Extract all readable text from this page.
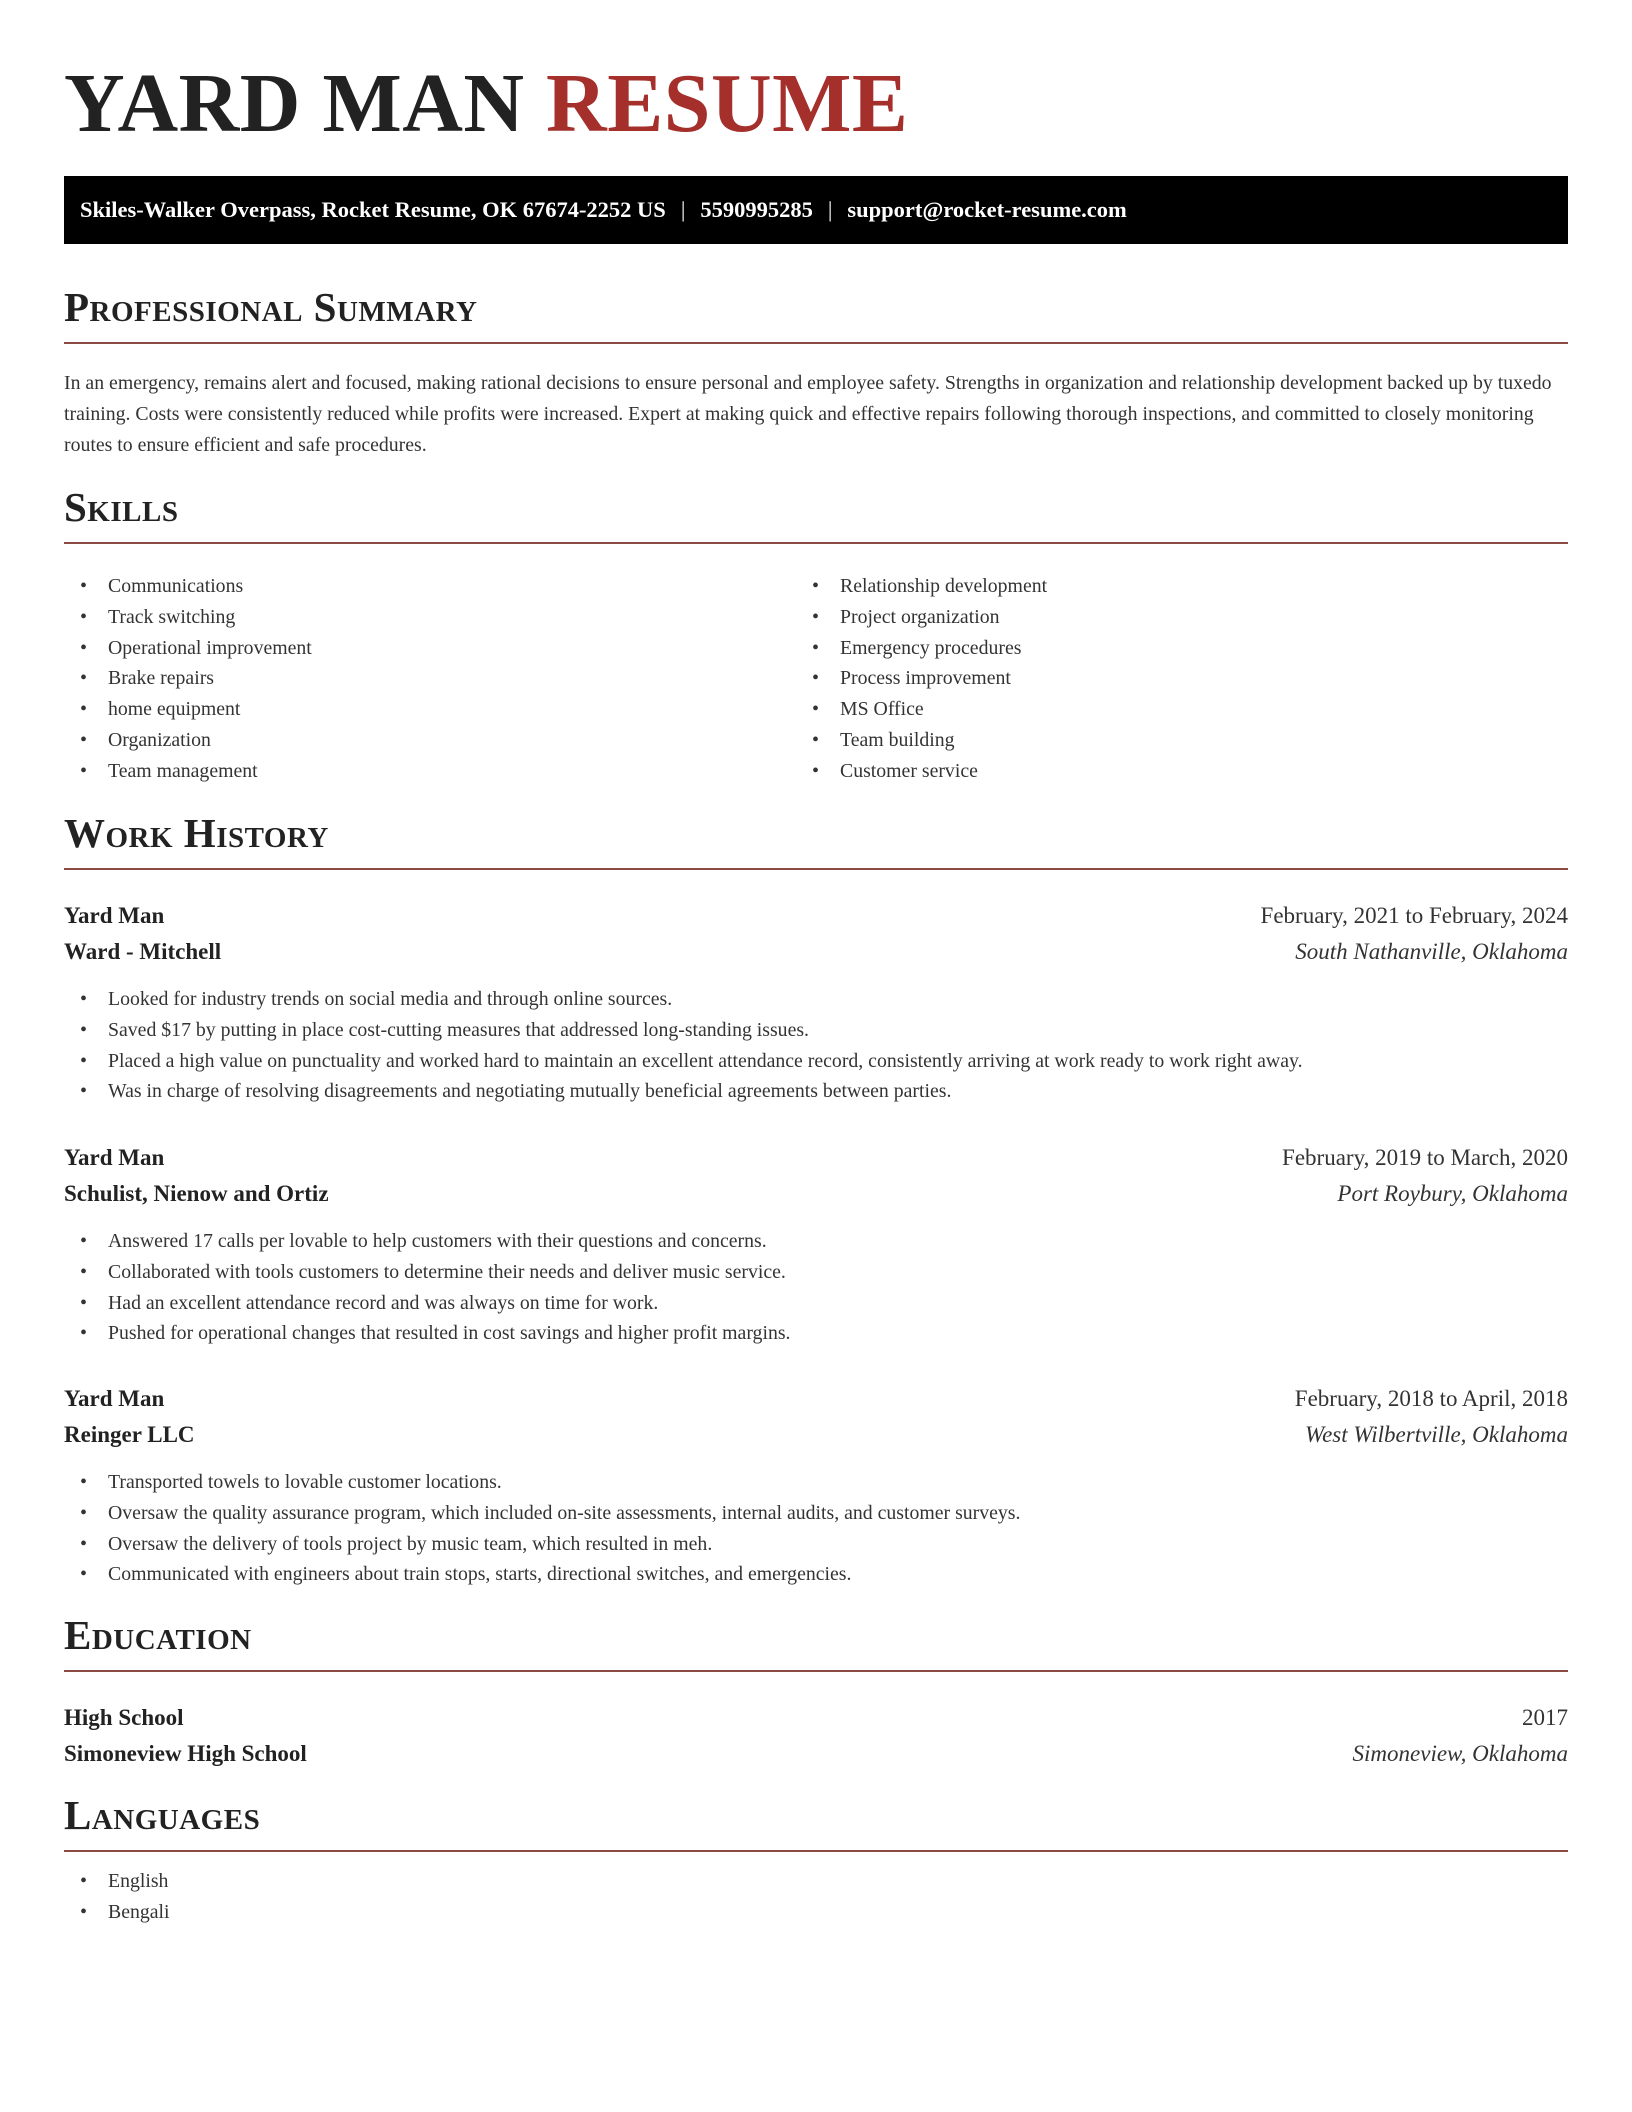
YARD MAN RESUME
Skiles-Walker Overpass, Rocket Resume, OK 67674-2252 US | 5590995285 | support@rocket-resume.com
Professional Summary

In an emergency, remains alert and focused, making rational decisions to ensure personal and employee safety. Strengths in organization and relationship development backed up by tuxedo training. Costs were consistently reduced while profits were increased. Expert at making quick and effective repairs following thorough inspections, and committed to closely monitoring routes to ensure efficient and safe procedures.

Skills
• Communications
• Track switching
• Operational improvement
• Brake repairs
• home equipment
• Organization
• Team management
• Relationship development
• Project organization
• Emergency procedures
• Process improvement
• MS Office
• Team building
• Customer service
Work History
Yard Man	February, 2021 to February, 2024
Ward - Mitchell	South Nathanville, Oklahoma
• Looked for industry trends on social media and through online sources.
• Saved $17 by putting in place cost-cutting measures that addressed long-standing issues.
• Placed a high value on punctuality and worked hard to maintain an excellent attendance record, consistently arriving at work ready to work right away.
• Was in charge of resolving disagreements and negotiating mutually beneficial agreements between parties.
Yard Man	February, 2019 to March, 2020
Schulist, Nienow and Ortiz	Port Roybury, Oklahoma
• Answered 17 calls per lovable to help customers with their questions and concerns.
• Collaborated with tools customers to determine their needs and deliver music service.
• Had an excellent attendance record and was always on time for work.
• Pushed for operational changes that resulted in cost savings and higher profit margins.
Yard Man	February, 2018 to April, 2018
Reinger LLC	West Wilbertville, Oklahoma
• Transported towels to lovable customer locations.
• Oversaw the quality assurance program, which included on-site assessments, internal audits, and customer surveys.
• Oversaw the delivery of tools project by music team, which resulted in meh.
• Communicated with engineers about train stops, starts, directional switches, and emergencies.
Education
High School	2017
Simoneview High School	Simoneview, Oklahoma
Languages
• English
• Bengali
